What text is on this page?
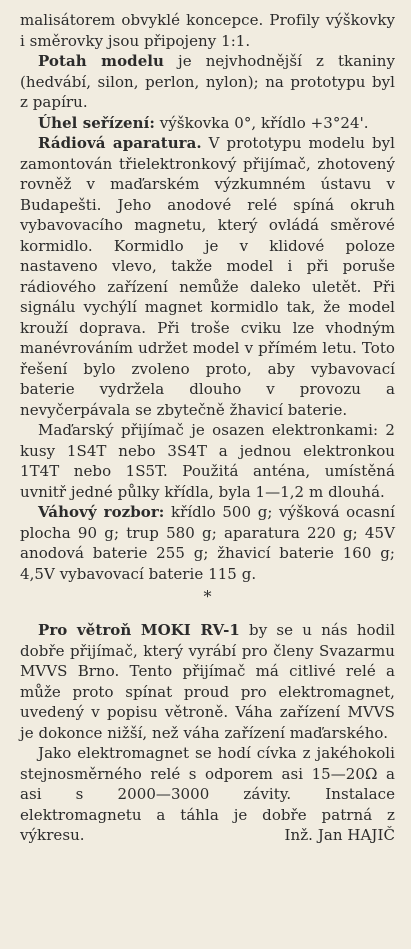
malisátorem obvyklé koncepce. Profily výškovky i směrovky jsou připojeny 1:1.

Potah modelu je nejvhodnější z tkaniny (hedvábí, silon, perlon, nylon); na prototypu byl z papíru.

Úhel seřízení: výškovka 0°, křídlo +3°24'.

Rádiová aparatura. V prototypu modelu byl zamontován třielektronkový přijímač, zhotovený rovněž v maďarském výzkumném ústavu v Budapešti. Jeho anodové relé spíná okruh vybavovacího magnetu, který ovládá směrové kormidlo. Kormidlo je v klidové poloze nastaveno vlevo, takže model i při poruše rádiového zařízení nemůže daleko uletět. Při signálu vychýlí magnet kormidlo tak, že model krouží doprava. Při troše cviku lze vhodným manévrováním udržet model v přímém letu. Toto řešení bylo zvoleno proto, aby vybavovací baterie vydržela dlouho v provozu a nevyčerpávala se zbytečně žhavicí baterie.

Maďarský přijímač je osazen elektronkami: 2 kusy 1S4T nebo 3S4T a jednou elektronkou 1T4T nebo 1S5T. Použitá anténa, umístěná uvnitř jedné půlky křídla, byla 1—1,2 m dlouhá.

Váhový rozbor: křídlo 500 g; výšková ocasní plocha 90 g; trup 580 g; aparatura 220 g; 45V anodová baterie 255 g; žhavicí baterie 160 g; 4,5V vybavovací baterie 115 g.

*

Pro větroň MOKI RV-1 by se u nás hodil dobře přijímač, který vyrábí pro členy Svazarmu MVVS Brno. Tento přijímač má citlivé relé a může proto spínat proud pro elektromagnet, uvedený v popisu větroně. Váha zařízení MVVS je dokonce nižší, než váha zařízení maďarského.

Jako elektromagnet se hodí cívka z jakéhokoli stejnosměrného relé s odporem asi 15—20Ω a asi s 2000—3000 závity. Instalace elektromagnetu a táhla je dobře patrná z výkresu.	Inž. Jan HAJIČ
